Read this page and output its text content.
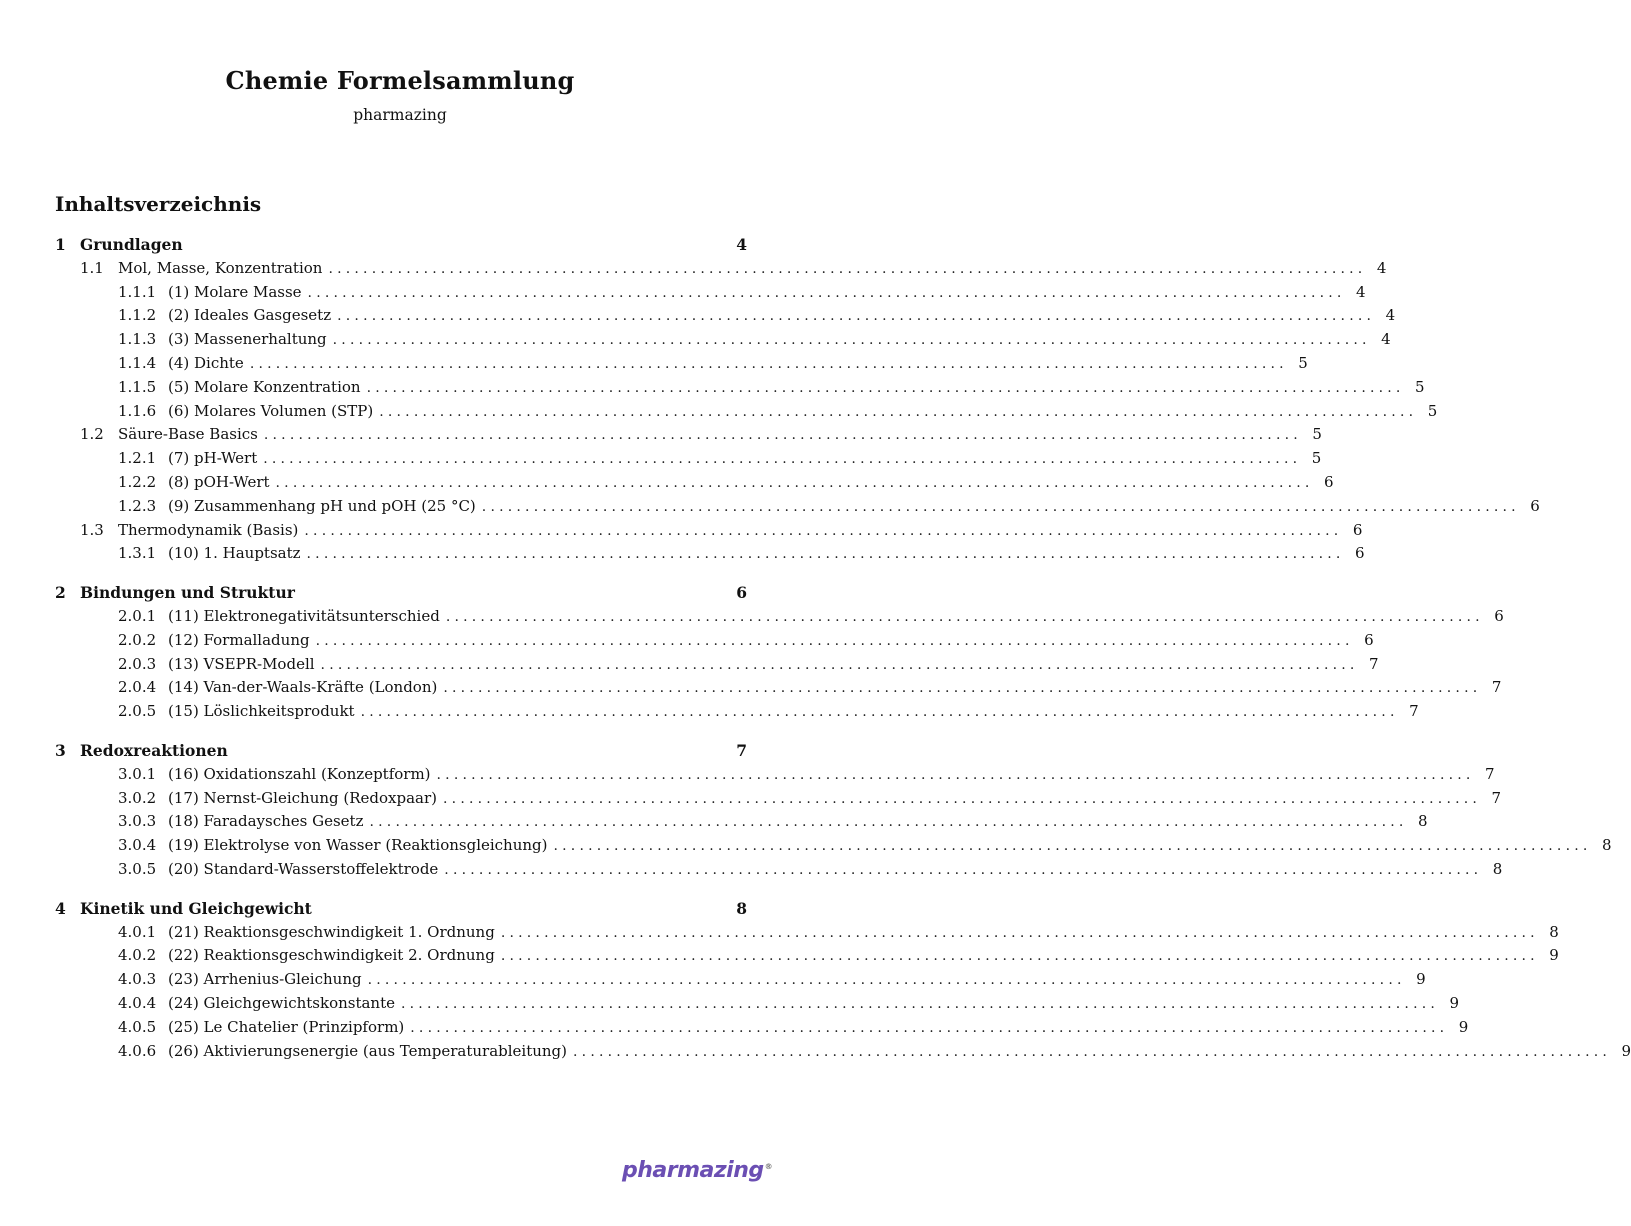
Chemie Formelsammlung
pharmazing
Inhaltsverzeichnis
1 Grundlagen	4
1.1 Mol, Masse, Konzentration ........................................................................................................................ 4
1.1.1 (1) Molare Masse ........................................................................................................................ 4
1.1.2 (2) Ideales Gasgesetz ........................................................................................................................ 4
1.1.3 (3) Massenerhaltung ........................................................................................................................ 4
1.1.4 (4) Dichte ........................................................................................................................ 5
1.1.5 (5) Molare Konzentration ........................................................................................................................ 5
1.1.6 (6) Molares Volumen (STP) ........................................................................................................................ 5
1.2 Säure-Base Basics ........................................................................................................................ 5
1.2.1 (7) pH-Wert ........................................................................................................................ 5
1.2.2 (8) pOH-Wert ........................................................................................................................ 6
1.2.3 (9) Zusammenhang pH und pOH (25 °C) ........................................................................................................................ 6
1.3 Thermodynamik (Basis) ........................................................................................................................ 6
1.3.1 (10) 1. Hauptsatz ........................................................................................................................ 6
2 Bindungen und Struktur	6
2.0.1 (11) Elektronegativitätsunterschied ........................................................................................................................ 6
2.0.2 (12) Formalladung ........................................................................................................................ 6
2.0.3 (13) VSEPR-Modell ........................................................................................................................ 7
2.0.4 (14) Van-der-Waals-Kräfte (London) ........................................................................................................................ 7
2.0.5 (15) Löslichkeitsprodukt ........................................................................................................................ 7
3 Redoxreaktionen	7
3.0.1 (16) Oxidationszahl (Konzeptform) ........................................................................................................................ 7
3.0.2 (17) Nernst-Gleichung (Redoxpaar) ........................................................................................................................ 7
3.0.3 (18) Faradaysches Gesetz ........................................................................................................................ 8
3.0.4 (19) Elektrolyse von Wasser (Reaktionsgleichung) ........................................................................................................................ 8
3.0.5 (20) Standard-Wasserstoffelektrode ........................................................................................................................ 8
4 Kinetik und Gleichgewicht	8
4.0.1 (21) Reaktionsgeschwindigkeit 1. Ordnung ........................................................................................................................ 8
4.0.2 (22) Reaktionsgeschwindigkeit 2. Ordnung ........................................................................................................................ 9
4.0.3 (23) Arrhenius-Gleichung ........................................................................................................................ 9
4.0.4 (24) Gleichgewichtskonstante ........................................................................................................................ 9
4.0.5 (25) Le Chatelier (Prinzipform) ........................................................................................................................ 9
4.0.6 (26) Aktivierungsenergie (aus Temperaturableitung) ........................................................................................................................ 9
pharmazing®
